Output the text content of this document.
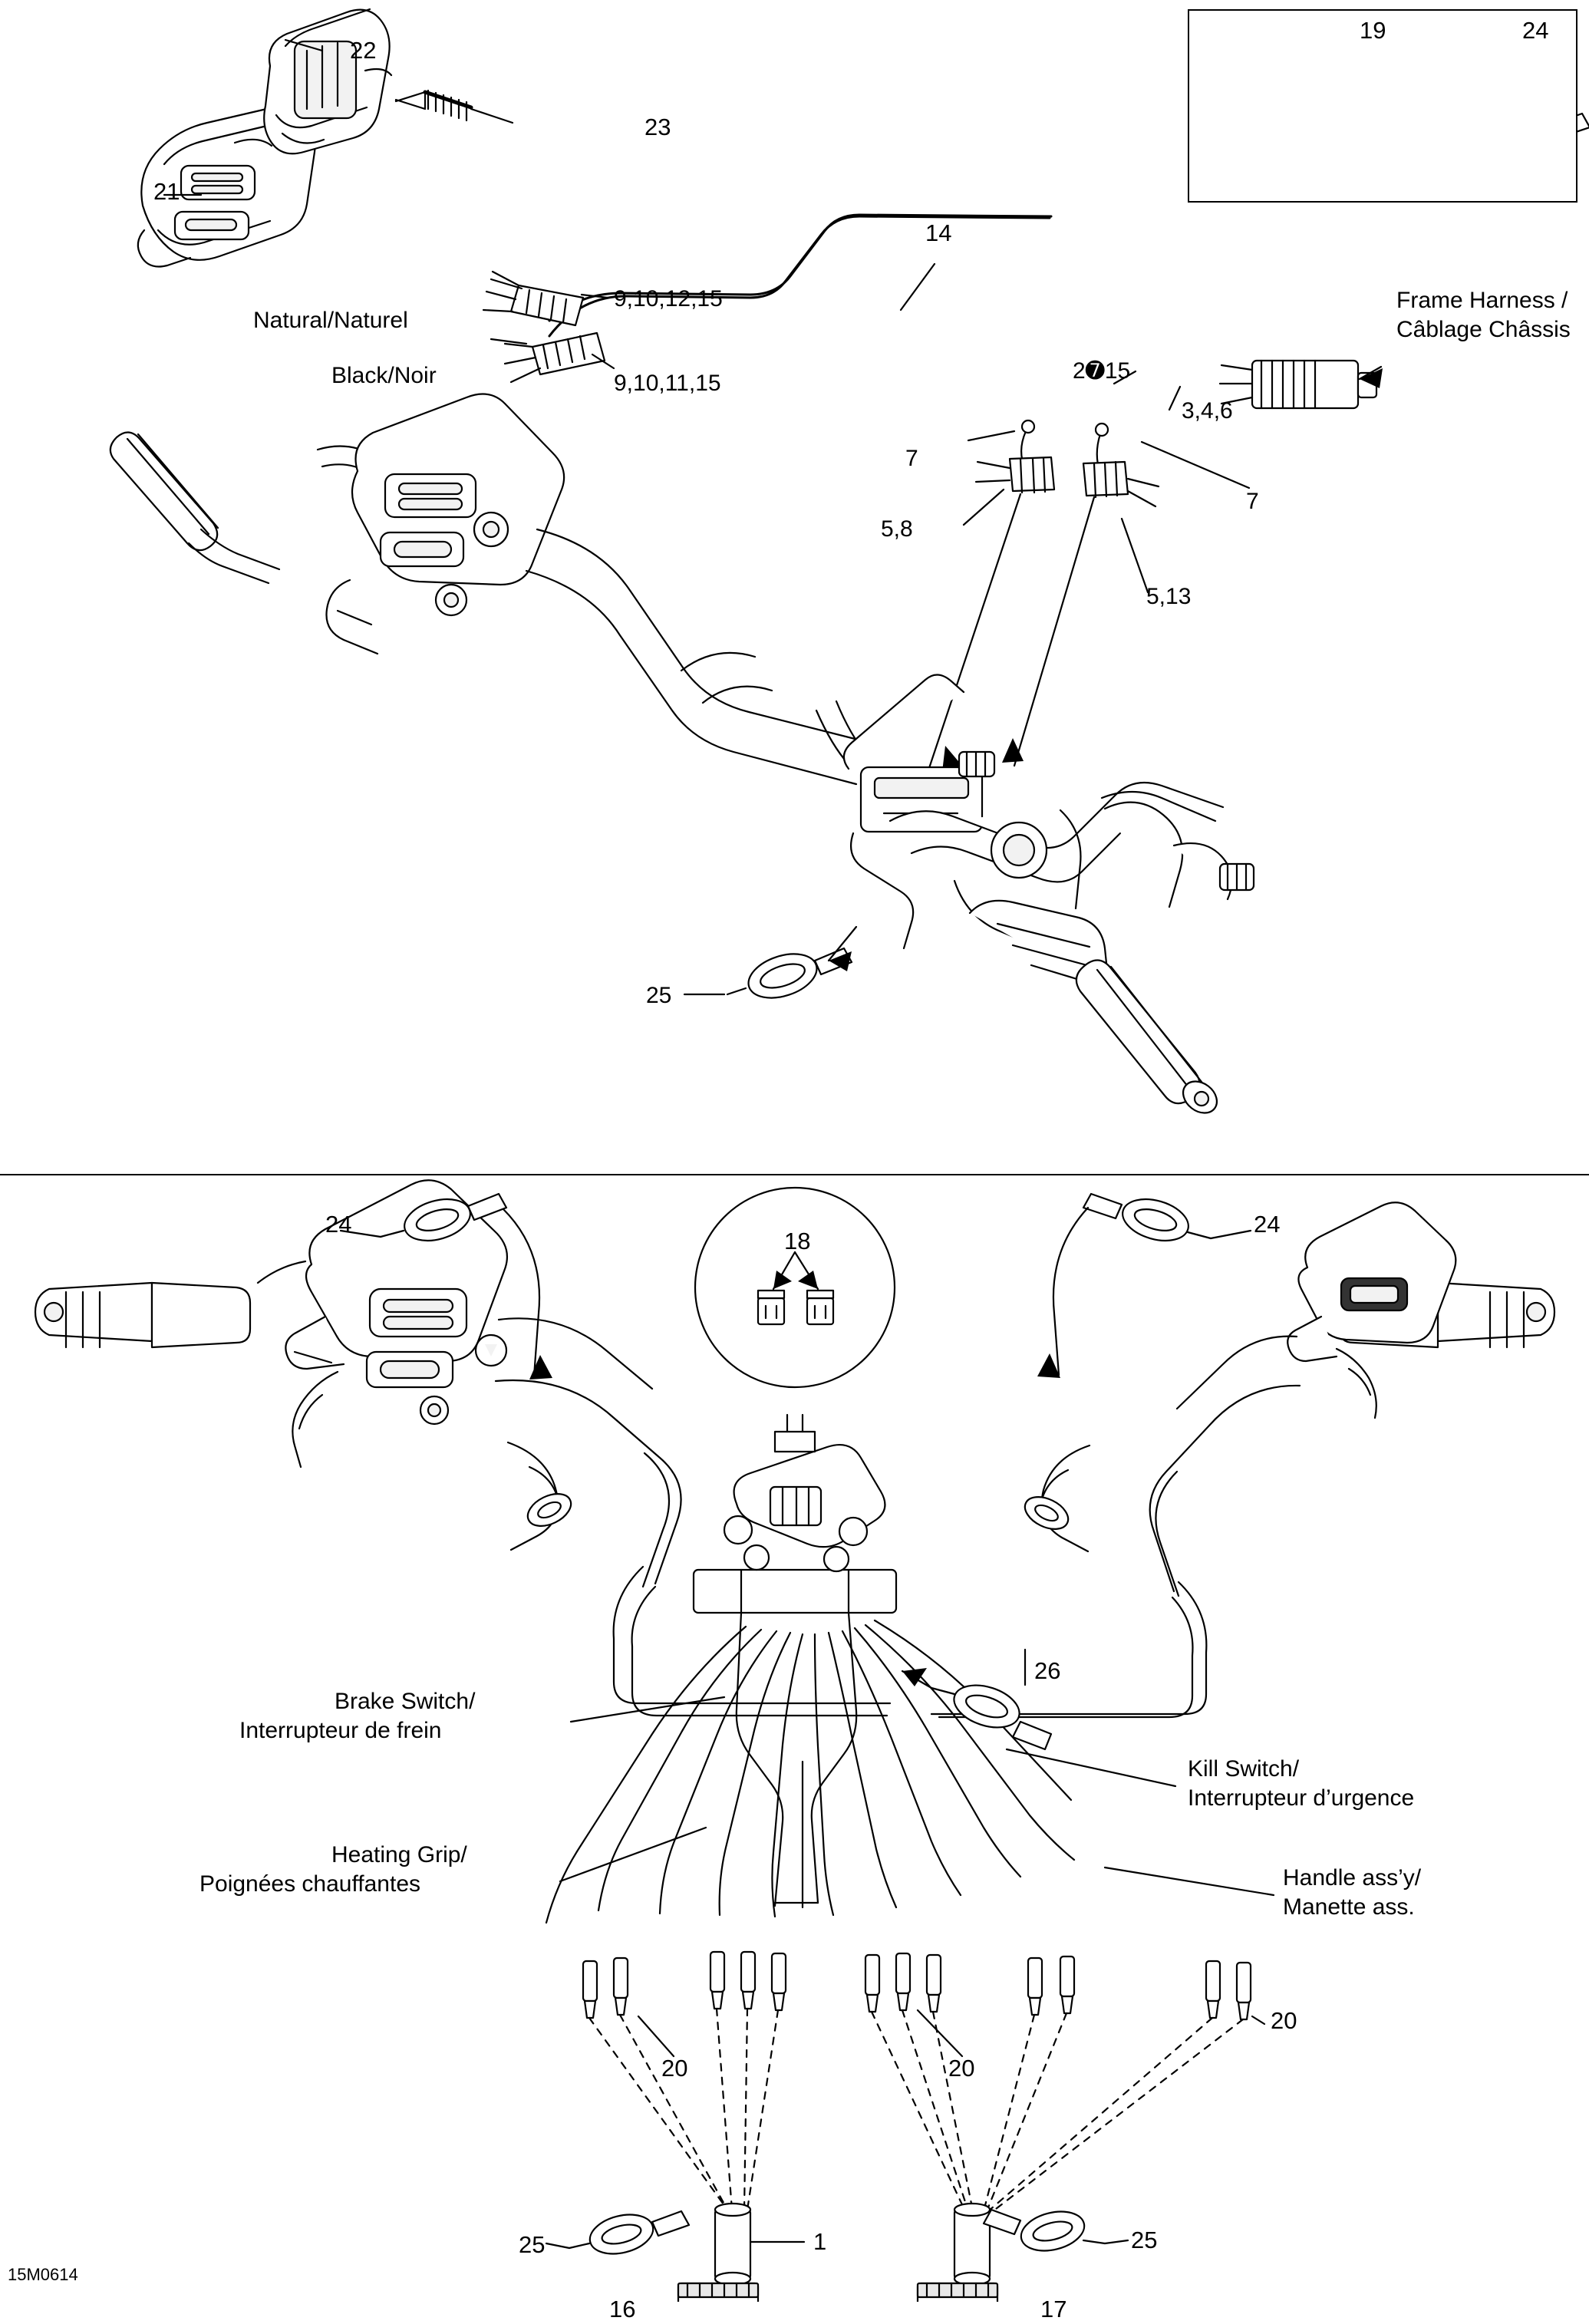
19	24
22
23
21
14
9,10,12,15
9,10,11,15
Natural/Naturel
Black/Noir	2➐15
3,4,6
7
7
5,8
5,13
25
Frame Harness /
Câblage Châssis
24	24
18
26
Brake Switch/
Interrupteur de frein
Heating Grip/
Poignées chauffantes
Kill Switch/
Interrupteur d’urgence
Handle ass’y/
Manette ass.
20	20
20
25	25
1
16	17
15M0614
